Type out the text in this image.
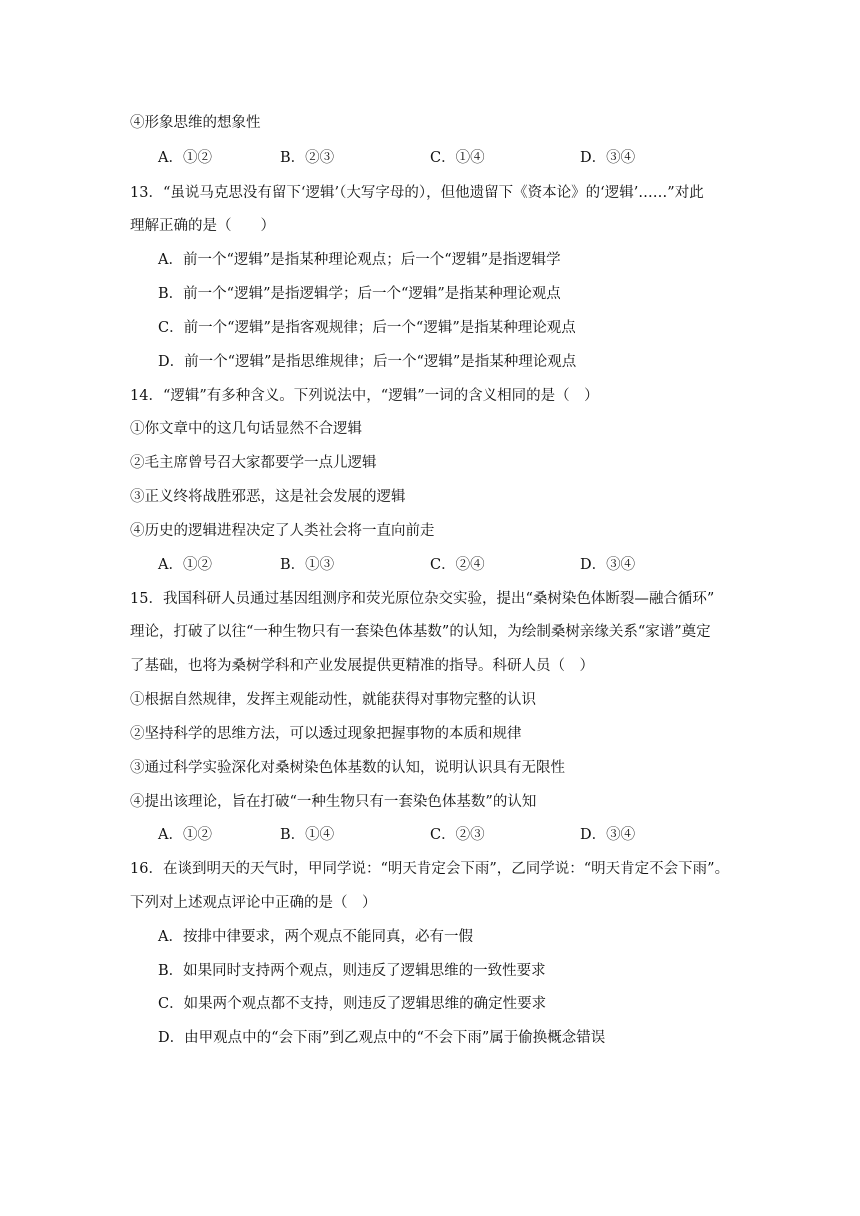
④形象思维的想象性
A．①②	B．②③	C．①④	D．③④
13．“虽说马克思没有留下‘逻辑’（大写字母的），但他遗留下《资本论》的‘逻辑’……”对此
理解正确的是（　　）
A．前一个“逻辑”是指某种理论观点；后一个“逻辑”是指逻辑学
B．前一个“逻辑”是指逻辑学；后一个“逻辑”是指某种理论观点
C．前一个“逻辑”是指客观规律；后一个“逻辑”是指某种理论观点
D．前一个“逻辑”是指思维规律；后一个“逻辑”是指某种理论观点
14．“逻辑”有多种含义。下列说法中，“逻辑”一词的含义相同的是（　）
①你文章中的这几句话显然不合逻辑
②毛主席曾号召大家都要学一点儿逻辑
③正义终将战胜邪恶，这是社会发展的逻辑
④历史的逻辑进程决定了人类社会将一直向前走
A．①②	B．①③	C．②④	D．③④
15．我国科研人员通过基因组测序和荧光原位杂交实验，提出“桑树染色体断裂—融合循环”
理论，打破了以往“一种生物只有一套染色体基数”的认知，为绘制桑树亲缘关系“家谱”奠定
了基础，也将为桑树学科和产业发展提供更精准的指导。科研人员（　）
①根据自然规律，发挥主观能动性，就能获得对事物完整的认识
②坚持科学的思维方法，可以透过现象把握事物的本质和规律
③通过科学实验深化对桑树染色体基数的认知，说明认识具有无限性
④提出该理论，旨在打破“一种生物只有一套染色体基数”的认知
A．①②	B．①④	C．②③	D．③④
16．在谈到明天的天气时，甲同学说：“明天肯定会下雨”，乙同学说：“明天肯定不会下雨”。
下列对上述观点评论中正确的是（　）
A．按排中律要求，两个观点不能同真，必有一假
B．如果同时支持两个观点，则违反了逻辑思维的一致性要求
C．如果两个观点都不支持，则违反了逻辑思维的确定性要求
D．由甲观点中的“会下雨”到乙观点中的“不会下雨”属于偷换概念错误
